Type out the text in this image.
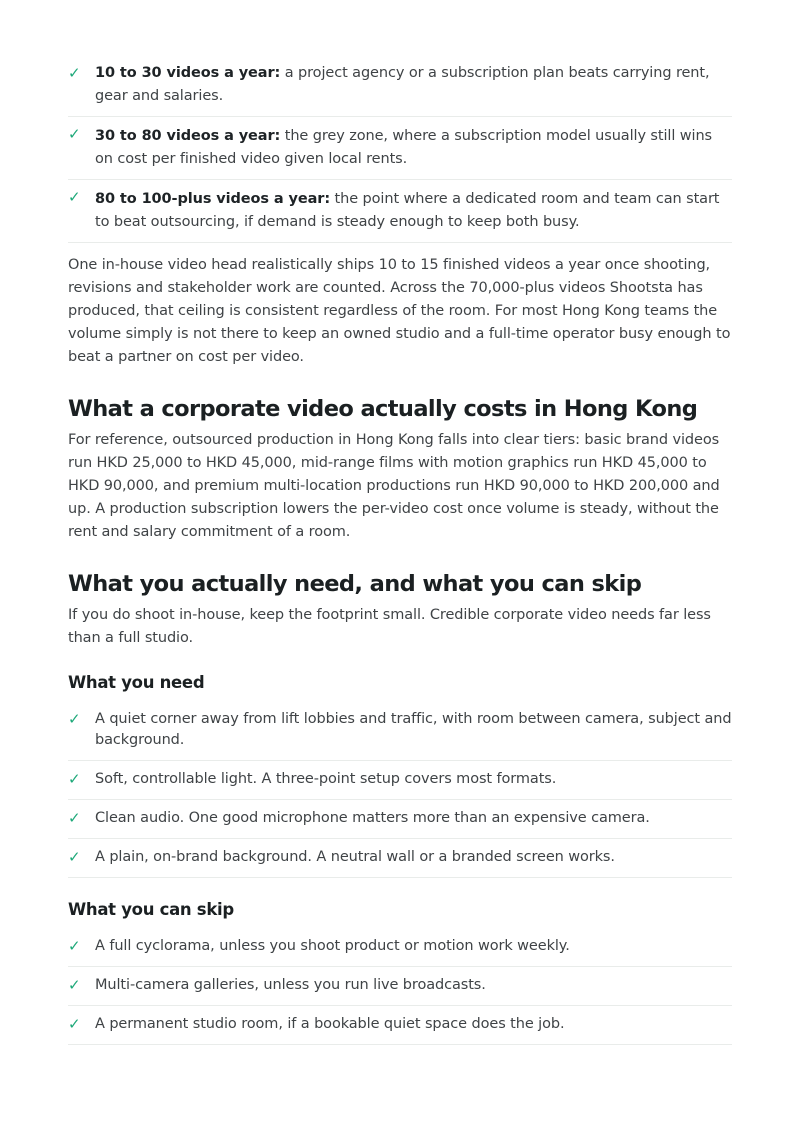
✓ 10 to 30 videos a year: a project agency or a subscription plan beats carrying rent, gear and salaries.
✓ 30 to 80 videos a year: the grey zone, where a subscription model usually still wins on cost per finished video given local rents.
✓ 80 to 100-plus videos a year: the point where a dedicated room and team can start to beat outsourcing, if demand is steady enough to keep both busy.

One in-house video head realistically ships 10 to 15 finished videos a year once shooting, revisions and stakeholder work are counted. Across the 70,000-plus videos Shootsta has produced, that ceiling is consistent regardless of the room. For most Hong Kong teams the volume simply is not there to keep an owned studio and a full-time operator busy enough to beat a partner on cost per video.

What a corporate video actually costs in Hong Kong

For reference, outsourced production in Hong Kong falls into clear tiers: basic brand videos run HKD 25,000 to HKD 45,000, mid-range films with motion graphics run HKD 45,000 to HKD 90,000, and premium multi-location productions run HKD 90,000 to HKD 200,000 and up. A production subscription lowers the per-video cost once volume is steady, without the rent and salary commitment of a room.

What you actually need, and what you can skip

If you do shoot in-house, keep the footprint small. Credible corporate video needs far less than a full studio.

What you need
✓ A quiet corner away from lift lobbies and traffic, with room between camera, subject and background.
✓ Soft, controllable light. A three-point setup covers most formats.
✓ Clean audio. One good microphone matters more than an expensive camera.
✓ A plain, on-brand background. A neutral wall or a branded screen works.
What you can skip
✓ A full cyclorama, unless you shoot product or motion work weekly.
✓ Multi-camera galleries, unless you run live broadcasts.
✓ A permanent studio room, if a bookable quiet space does the job.
